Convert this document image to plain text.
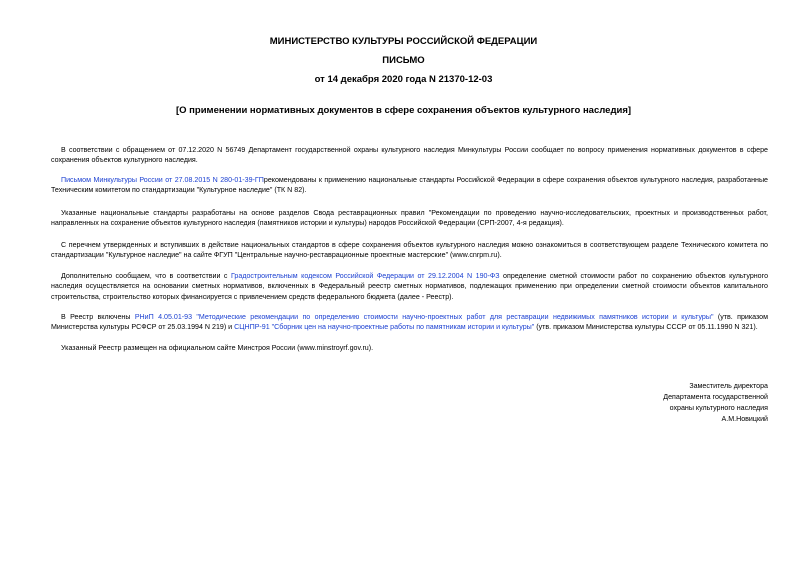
МИНИСТЕРСТВО КУЛЬТУРЫ РОССИЙСКОЙ ФЕДЕРАЦИИ
ПИСЬМО
от 14 декабря 2020 года N 21370-12-03
[О применении нормативных документов в сфере сохранения объектов культурного наследия]
В соответствии с обращением от 07.12.2020 N 56749 Департамент государственной охраны культурного наследия Минкультуры России сообщает по вопросу применения нормативных документов в сфере сохранения объектов культурного наследия.
Письмом Минкультуры России от 27.08.2015 N 280-01-39-ГПрекомендованы к применению национальные стандарты Российской Федерации в сфере сохранения объектов культурного наследия, разработанные Техническим комитетом по стандартизации "Культурное наследие" (ТК N 82).
Указанные национальные стандарты разработаны на основе разделов Свода реставрационных правил "Рекомендации по проведению научно-исследовательских, проектных и производственных работ, направленных на сохранение объектов культурного наследия (памятников истории и культуры) народов Российской Федерации (СРП-2007, 4-я редакция).
С перечнем утвержденных и вступивших в действие национальных стандартов в сфере сохранения объектов культурного наследия можно ознакомиться в соответствующем разделе Технического комитета по стандартизации "Культурное наследие" на сайте ФГУП "Центральные научно-реставрационные проектные мастерские" (www.cnrpm.ru).
Дополнительно сообщаем, что в соответствии с Градостроительным кодексом Российской Федерации от 29.12.2004 N 190-ФЗ определение сметной стоимости работ по сохранению объектов культурного наследия осуществляется на основании сметных нормативов, включенных в Федеральный реестр сметных нормативов, подлежащих применению при определении сметной стоимости объектов капитального строительства, строительство которых финансируется с привлечением средств федерального бюджета (далее - Реестр).
В Реестр включены РНиП 4.05.01-93 "Методические рекомендации по определению стоимости научно-проектных работ для реставрации недвижимых памятников истории и культуры" (утв. приказом Министерства культуры РСФСР от 25.03.1994 N 219) и СЦНПР-91 "Сборник цен на научно-проектные работы по памятникам истории и культуры" (утв. приказом Министерства культуры СССР от 05.11.1990 N 321).
Указанный Реестр размещен на официальном сайте Минстроя России (www.minstroyrf.gov.ru).
Заместитель директора
Департамента государственной
охраны культурного наследия
А.М.Новицкий
